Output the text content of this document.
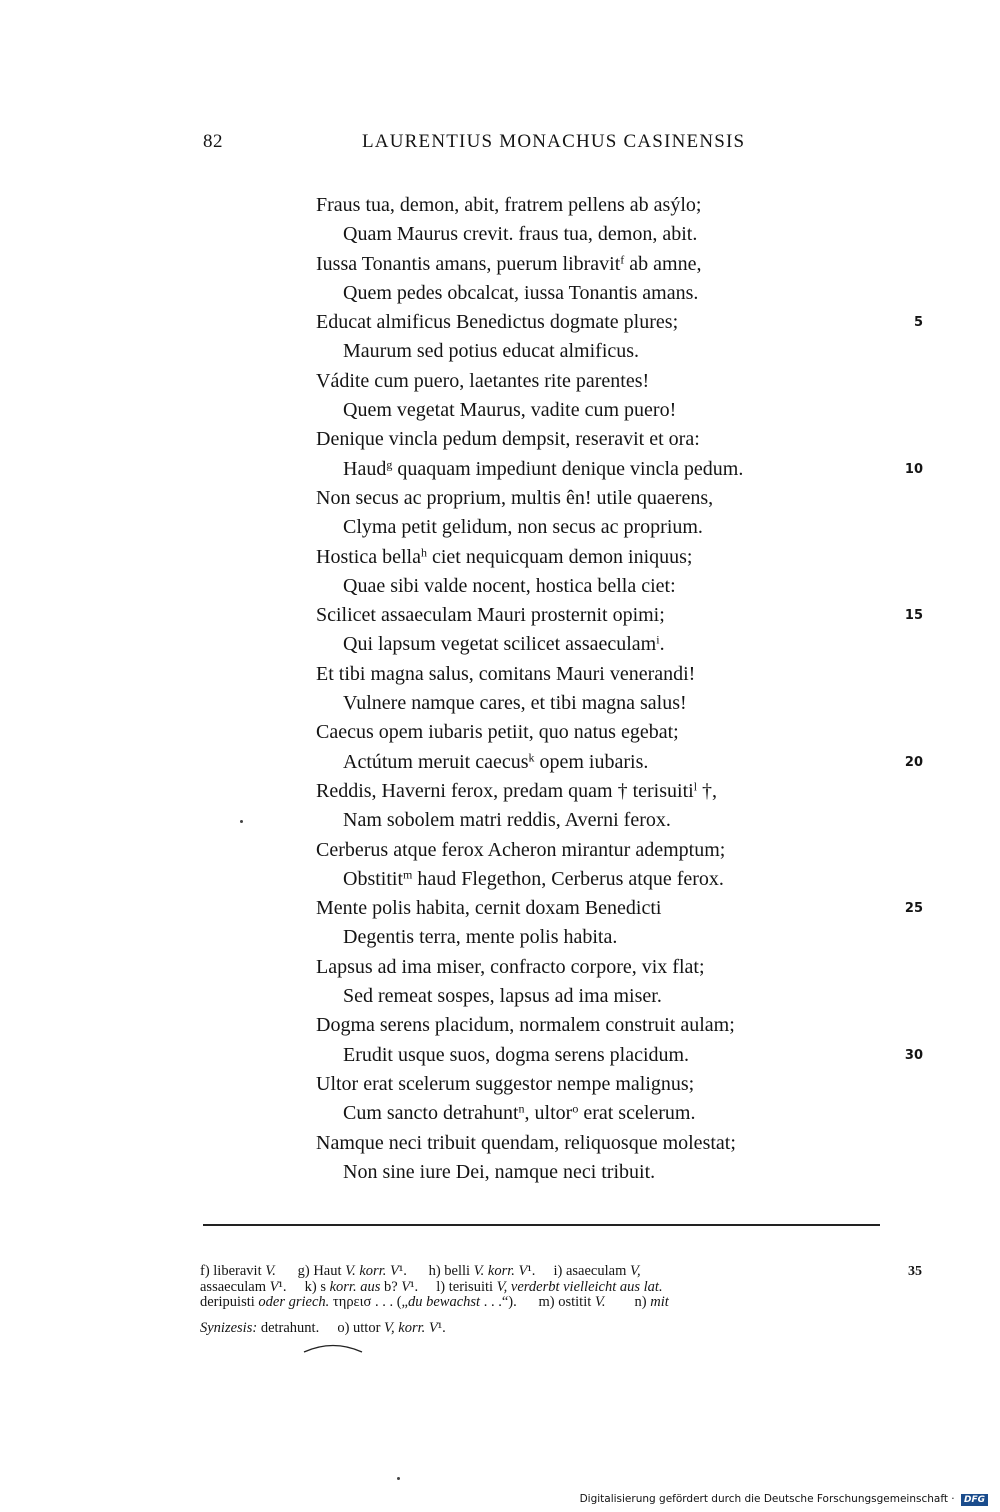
82	LAURENTIUS MONACHUS CASINENSIS
Fraus tua, demon, abit, fratrem pellens ab asýlo;
Quam Maurus crevit. fraus tua, demon, abit.
Iussa Tonantis amans, puerum libravit$^f$ ab amne,
Quem pedes obcalcat, iussa Tonantis amans.
Educat almificus Benedictus dogmate plures;	5
Maurum sed potius educat almificus.
Vádite cum puero, laetantes rite parentes!
Quem vegetat Maurus, vadite cum puero!
Denique vincla pedum dempsit, reseravit et ora:
Haud$^g$ quaquam impediunt denique vincla pedum.	10
Non secus ac proprium, multis ên! utile quaerens,
Clyma petit gelidum, non secus ac proprium.
Hostica bella$^h$ ciet nequicquam demon iniquus;
Quae sibi valde nocent, hostica bella ciet:
Scilicet assaeculam Mauri prosternit opimi;	15
Qui lapsum vegetat scilicet assaeculam$^i$.
Et tibi magna salus, comitans Mauri venerandi!
Vulnere namque cares, et tibi magna salus!
Caecus opem iubaris petiit, quo natus egebat;
Actútum meruit caecus$^k$ opem iubaris.	20
Reddis, Haverni ferox, predam quam † terisuiti$^l$ †,
Nam sobolem matri reddis, Averni ferox.
Cerberus atque ferox Acheron mirantur ademptum;
Obstitit$^m$ haud Flegethon, Cerberus atque ferox.
Mente polis habita, cernit doxam Benedicti	25
Degentis terra, mente polis habita.
Lapsus ad ima miser, confracto corpore, vix flat;
Sed remeat sospes, lapsus ad ima miser.
Dogma serens placidum, normalem construit aulam;
Erudit usque suos, dogma serens placidum.	30
Ultor erat scelerum suggestor nempe malignus;
Cum sancto detrahunt$^n$, ultor$^o$ erat scelerum.
Namque neci tribuit quendam, reliquosque molestat;
Non sine iure Dei, namque neci tribuit.
f) liberavit V.      g) Haut V. korr. V¹.      h) belli V. korr. V¹.     i) asaeculam V,	35
assaeculam V¹.     k) s korr. aus b? V¹.     l) terisuiti V, verderbt vielleicht aus lat.
deripuisti oder griech. τηρεισ . . . („du bewachst . . .“).      m) ostitit V.        n) mit
Synizesis: detrahunt.     o) uttor V, korr. V¹.
Digitalisierung gefördert durch die Deutsche Forschungsgemeinschaft · DFG
